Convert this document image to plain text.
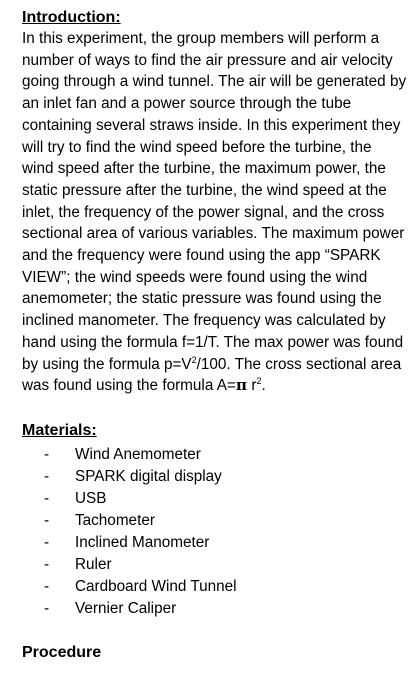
Introduction:

In this experiment, the group members will perform a number of ways to find the air pressure and air velocity going through a wind tunnel. The air will be generated by an inlet fan and a power source through the tube containing several straws inside. In this experiment they will try to find the wind speed before the turbine, the wind speed after the turbine, the maximum power, the static pressure after the turbine, the wind speed at the inlet, the frequency of the power signal, and the cross sectional area of various variables. The maximum power and the frequency were found using the app “SPARK VIEW”; the wind speeds were found using the wind anemometer; the static pressure was found using the inclined manometer. The frequency was calculated by hand using the formula f=1/T. The max power was found by using the formula $p=V^2/100$. The cross sectional area was found using the formula A=π $r^2$.

Materials:
- Wind Anemometer
- SPARK digital display
- USB
- Tachometer
- Inclined Manometer
- Ruler
- Cardboard Wind Tunnel
- Vernier Caliper
Procedure
